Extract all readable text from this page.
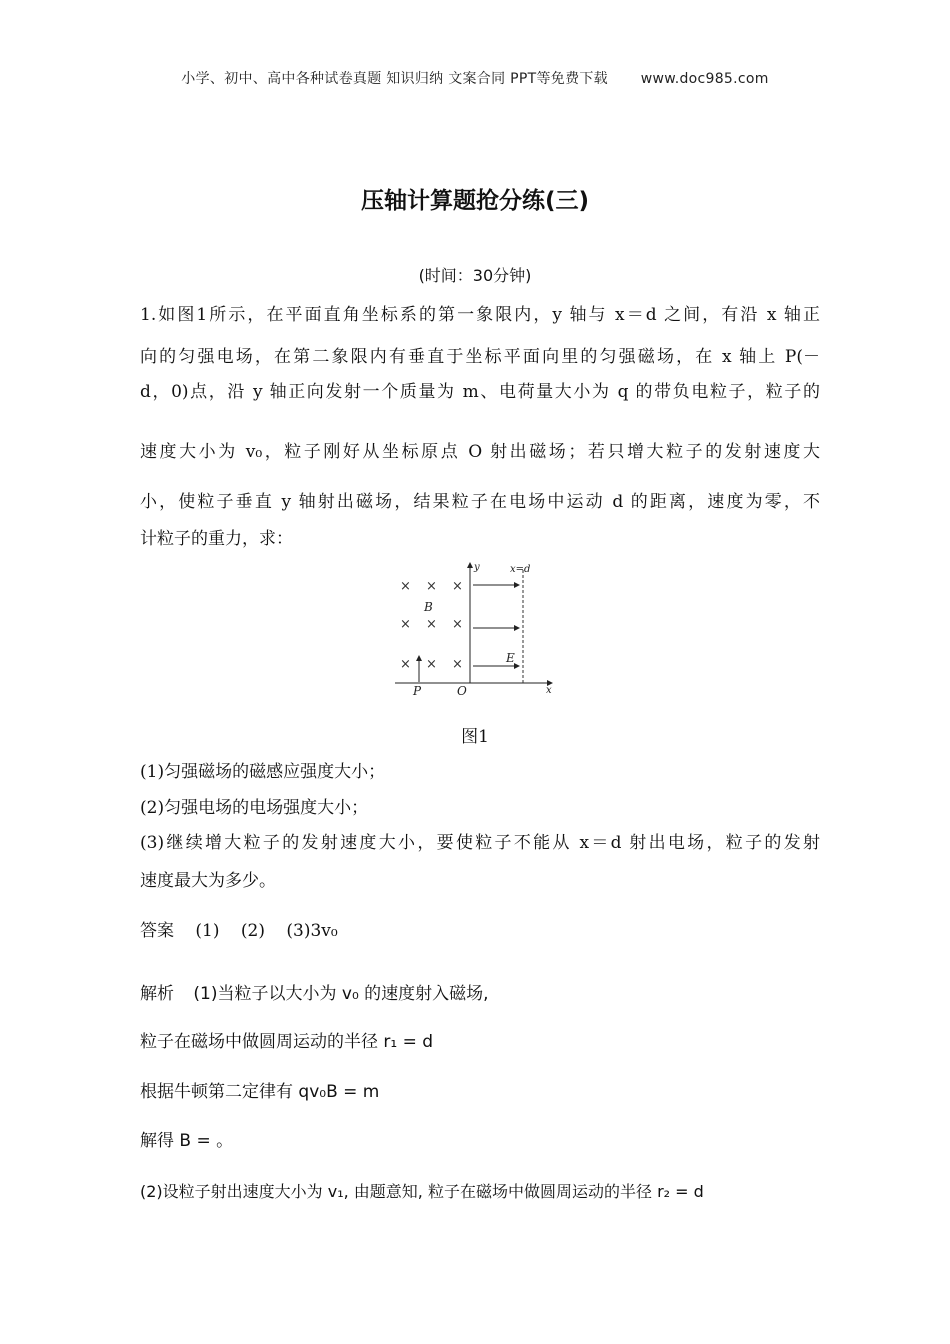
小学、初中、高中各种试卷真题 知识归纳 文案合同 PPT等免费下载 www.doc985.com
压轴计算题抢分练(三)
(时间：30分钟)
1.如图1所示，在平面直角坐标系的第一象限内，y 轴与 x＝d 之间，有沿 x 轴正
向的匀强电场，在第二象限内有垂直于坐标平面向里的匀强磁场，在 x 轴上 P(－
d，0)点，沿 y 轴正向发射一个质量为 m、电荷量大小为 q 的带负电粒子，粒子的
速度大小为 v₀，粒子刚好从坐标原点 O 射出磁场；若只增大粒子的发射速度大
小，使粒子垂直 y 轴射出磁场，结果粒子在电场中运动 d 的距离，速度为零，不
计粒子的重力，求：
× × ×
× × ×
× × ×
y
x
x=d
B
E
P	O
图1
(1)匀强磁场的磁感应强度大小；
(2)匀强电场的电场强度大小；
(3)继续增大粒子的发射速度大小，要使粒子不能从 x＝d 射出电场，粒子的发射
速度最大为多少。
答案 (1) (2) (3)3v₀
解析 (1)当粒子以大小为 v₀ 的速度射入磁场,
粒子在磁场中做圆周运动的半径 r₁ = d
根据牛顿第二定律有 qv₀B = m
解得 B = 。
(2)设粒子射出速度大小为 v₁, 由题意知, 粒子在磁场中做圆周运动的半径 r₂ = d
